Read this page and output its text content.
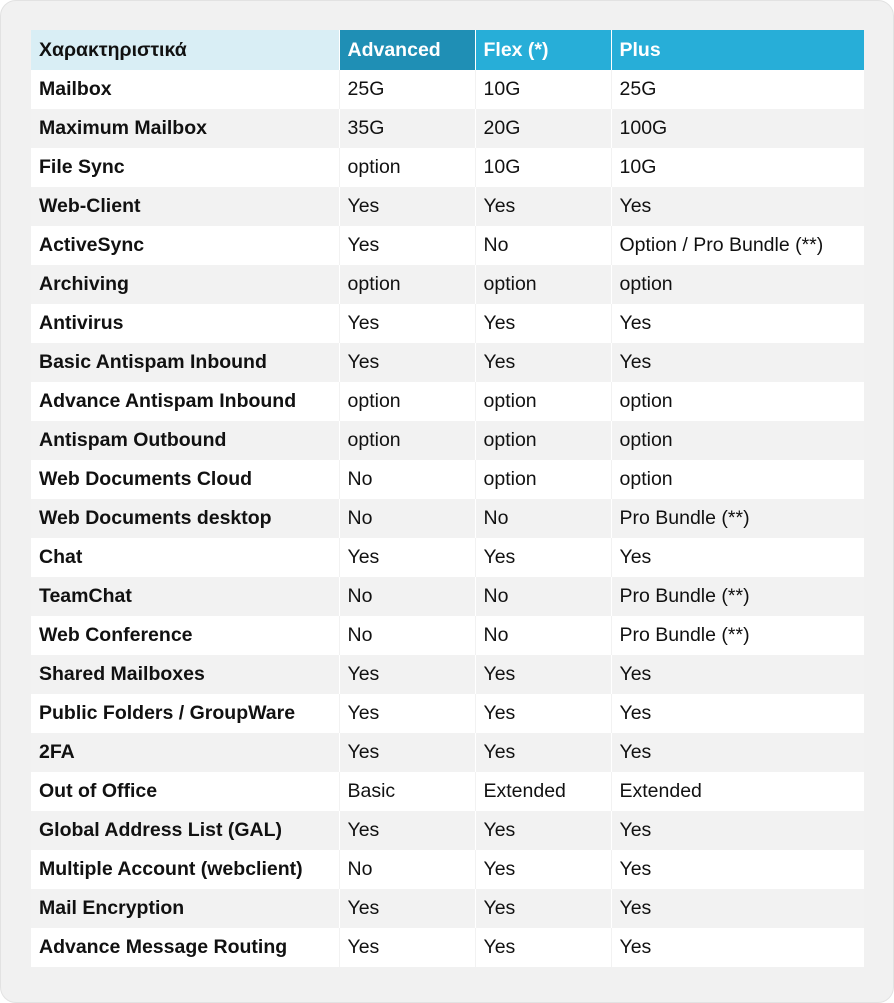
Χαρακτηριστικά	Advanced	Flex (*)	Plus
Mailbox	25G	10G	25G
Maximum Mailbox	35G	20G	100G
File Sync	option	10G	10G
Web-Client	Yes	Yes	Yes
ActiveSync	Yes	No	Option / Pro Bundle (**)
Archiving	option	option	option
Antivirus	Yes	Yes	Yes
Basic Antispam Inbound	Yes	Yes	Yes
Advance Antispam Inbound	option	option	option
Antispam Outbound	option	option	option
Web Documents Cloud	No	option	option
Web Documents desktop	No	No	Pro Bundle (**)
Chat	Yes	Yes	Yes
TeamChat	No	No	Pro Bundle (**)
Web Conference	No	No	Pro Bundle (**)
Shared Mailboxes	Yes	Yes	Yes
Public Folders / GroupWare	Yes	Yes	Yes
2FA	Yes	Yes	Yes
Out of Office	Basic	Extended	Extended
Global Address List (GAL)	Yes	Yes	Yes
Multiple Account (webclient)	No	Yes	Yes
Mail Encryption	Yes	Yes	Yes
Advance Message Routing	Yes	Yes	Yes
